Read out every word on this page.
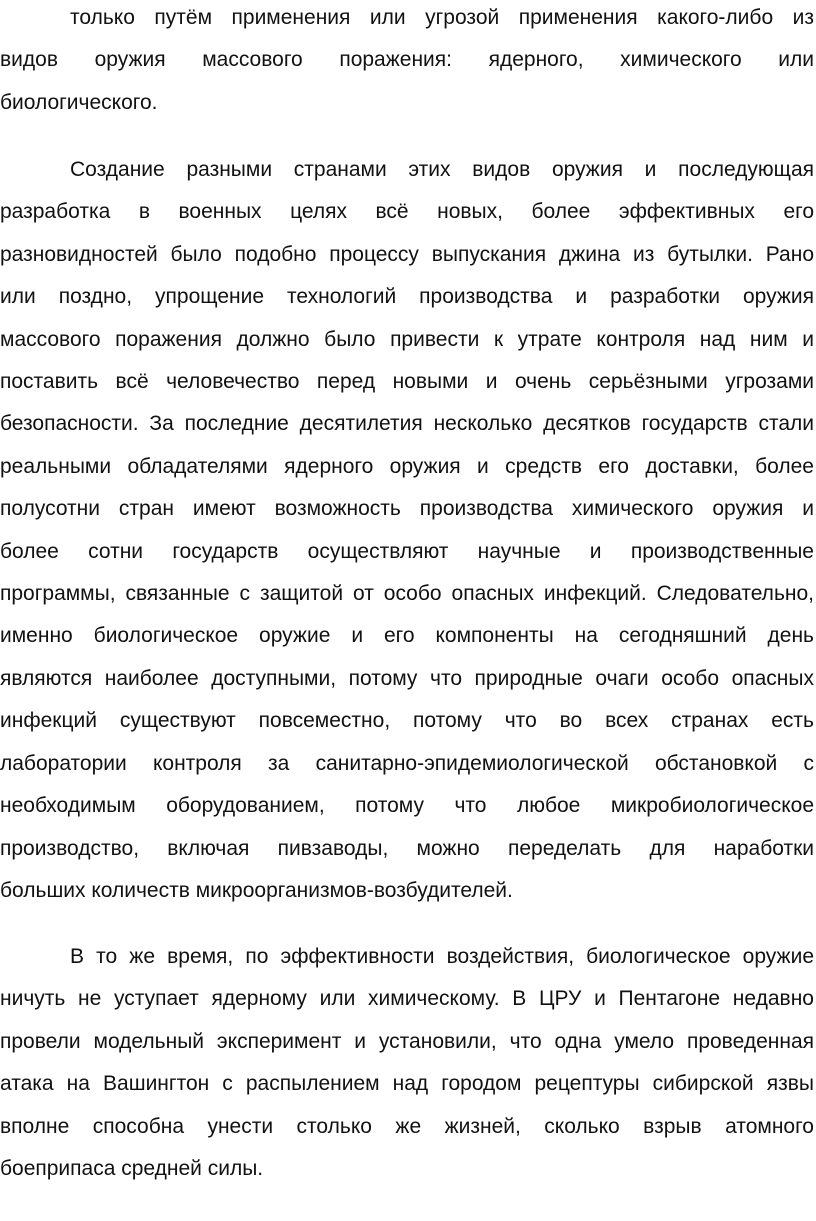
только путём применения или угрозой применения какого-либо из
видов оружия массового поражения: ядерного, химического или
биологического.
Создание разными странами этих видов оружия и последующая
разработка в военных целях всё новых, более эффективных его
разновидностей было подобно процессу выпускания джина из бутылки. Рано
или поздно, упрощение технологий производства и разработки оружия
массового поражения должно было привести к утрате контроля над ним и
поставить всё человечество перед новыми и очень серьёзными угрозами
безопасности. За последние десятилетия несколько десятков государств стали
реальными обладателями ядерного оружия и средств его доставки, более
полусотни стран имеют возможность производства химического оружия и
более сотни государств осуществляют научные и производственные
программы, связанные с защитой от особо опасных инфекций. Следовательно,
именно биологическое оружие и его компоненты на сегодняшний день
являются наиболее доступными, потому что природные очаги особо опасных
инфекций существуют повсеместно, потому что во всех странах есть
лаборатории контроля за санитарно-эпидемиологической обстановкой с
необходимым оборудованием, потому что любое микробиологическое
производство, включая пивзаводы, можно переделать для наработки
больших количеств микроорганизмов-возбудителей.
В то же время, по эффективности воздействия, биологическое оружие
ничуть не уступает ядерному или химическому. В ЦРУ и Пентагоне недавно
провели модельный эксперимент и установили, что одна умело проведенная
атака на Вашингтон с распылением над городом рецептуры сибирской язвы
вполне способна унести столько же жизней, сколько взрыв атомного
боеприпаса средней силы.
